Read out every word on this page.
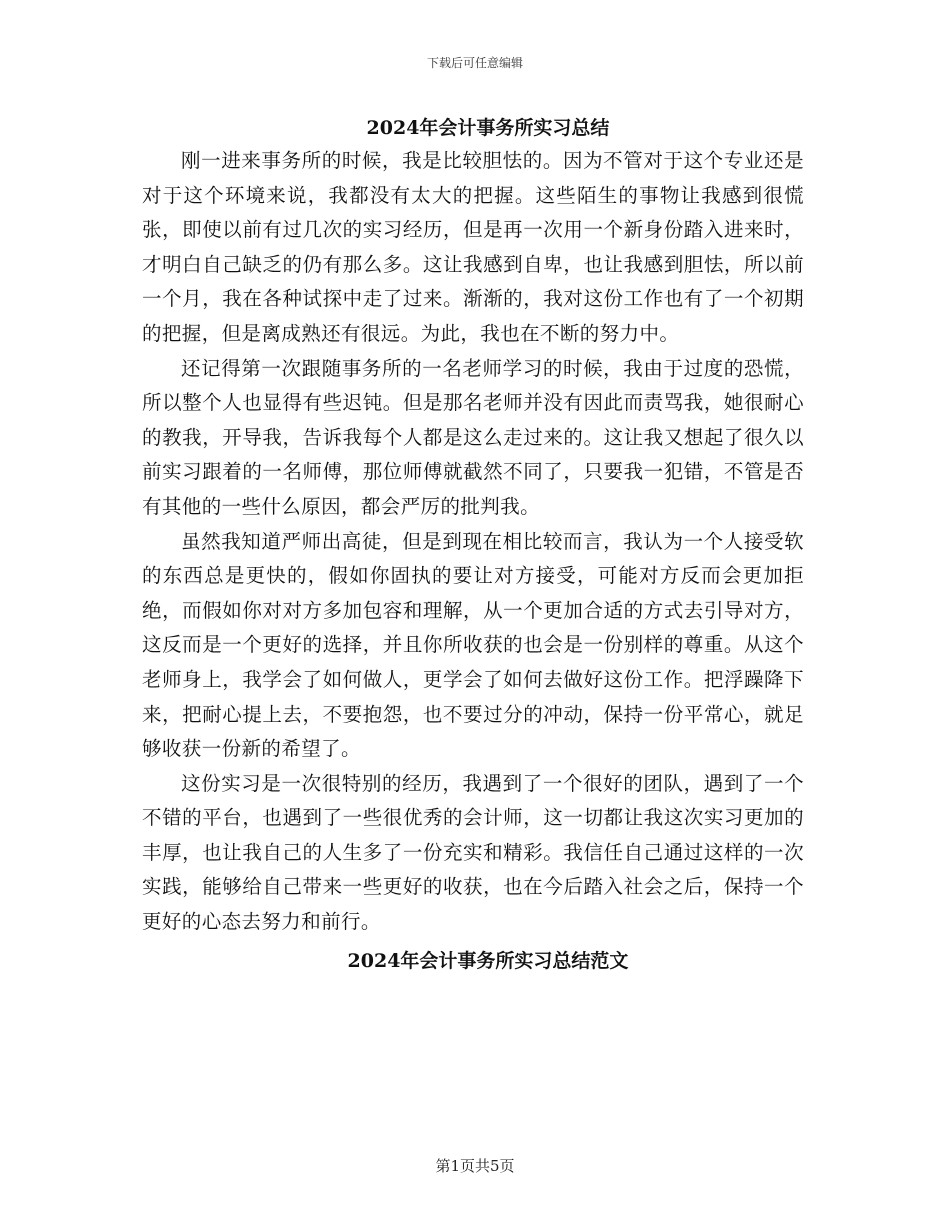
下载后可任意编辑
2024年会计事务所实习总结

刚一进来事务所的时候，我是比较胆怯的。因为不管对于这个专业还是对于这个环境来说，我都没有太大的把握。这些陌生的事物让我感到很慌张，即使以前有过几次的实习经历，但是再一次用一个新身份踏入进来时，才明白自己缺乏的仍有那么多。这让我感到自卑，也让我感到胆怯，所以前一个月，我在各种试探中走了过来。渐渐的，我对这份工作也有了一个初期的把握，但是离成熟还有很远。为此，我也在不断的努力中。

还记得第一次跟随事务所的一名老师学习的时候，我由于过度的恐慌，所以整个人也显得有些迟钝。但是那名老师并没有因此而责骂我，她很耐心的教我，开导我，告诉我每个人都是这么走过来的。这让我又想起了很久以前实习跟着的一名师傅，那位师傅就截然不同了，只要我一犯错，不管是否有其他的一些什么原因，都会严厉的批判我。

虽然我知道严师出高徒，但是到现在相比较而言，我认为一个人接受软的东西总是更快的，假如你固执的要让对方接受，可能对方反而会更加拒绝，而假如你对对方多加包容和理解，从一个更加合适的方式去引导对方，这反而是一个更好的选择，并且你所收获的也会是一份别样的尊重。从这个老师身上，我学会了如何做人，更学会了如何去做好这份工作。把浮躁降下来，把耐心提上去，不要抱怨，也不要过分的冲动，保持一份平常心，就足够收获一份新的希望了。

这份实习是一次很特别的经历，我遇到了一个很好的团队，遇到了一个不错的平台，也遇到了一些很优秀的会计师，这一切都让我这次实习更加的丰厚，也让我自己的人生多了一份充实和精彩。我信任自己通过这样的一次实践，能够给自己带来一些更好的收获，也在今后踏入社会之后，保持一个更好的心态去努力和前行。

2024年会计事务所实习总结范文
第1页共5页
